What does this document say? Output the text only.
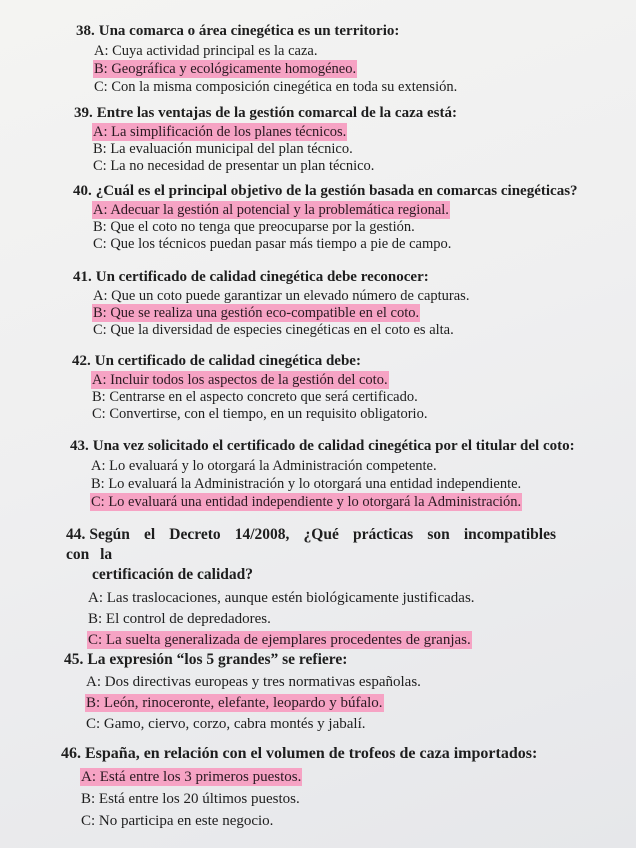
38. Una comarca o área cinegética es un territorio:
A: Cuya actividad principal es la caza.
B: Geográfica y ecológicamente homogéneo.
C: Con la misma composición cinegética en toda su extensión.
39. Entre las ventajas de la gestión comarcal de la caza está:
A: La simplificación de los planes técnicos.
B: La evaluación municipal del plan técnico.
C: La no necesidad de presentar un plan técnico.
40. ¿Cuál es el principal objetivo de la gestión basada en comarcas cinegéticas?
A: Adecuar la gestión al potencial y la problemática regional.
B: Que el coto no tenga que preocuparse por la gestión.
C: Que los técnicos puedan pasar más tiempo a pie de campo.
41. Un certificado de calidad cinegética debe reconocer:
A: Que un coto puede garantizar un elevado número de capturas.
B: Que se realiza una gestión eco-compatible en el coto.
C: Que la diversidad de especies cinegéticas en el coto es alta.
42. Un certificado de calidad cinegética debe:
A: Incluir todos los aspectos de la gestión del coto.
B: Centrarse en el aspecto concreto que será certificado.
C: Convertirse, con el tiempo, en un requisito obligatorio.
43. Una vez solicitado el certificado de calidad cinegética por el titular del coto:
A: Lo evaluará y lo otorgará la Administración competente.
B: Lo evaluará la Administración y lo otorgará una entidad independiente.
C: Lo evaluará una entidad independiente y lo otorgará la Administración.
44. Según el Decreto 14/2008, ¿Qué prácticas son incompatibles con la
certificación de calidad?
A: Las traslocaciones, aunque estén biológicamente justificadas.
B: El control de depredadores.
C: La suelta generalizada de ejemplares procedentes de granjas.
45. La expresión “los 5 grandes” se refiere:
A: Dos directivas europeas y tres normativas españolas.
B: León, rinoceronte, elefante, leopardo y búfalo.
C: Gamo, ciervo, corzo, cabra montés y jabalí.
46. España, en relación con el volumen de trofeos de caza importados:
A: Está entre los 3 primeros puestos.
B: Está entre los 20 últimos puestos.
C: No participa en este negocio.
